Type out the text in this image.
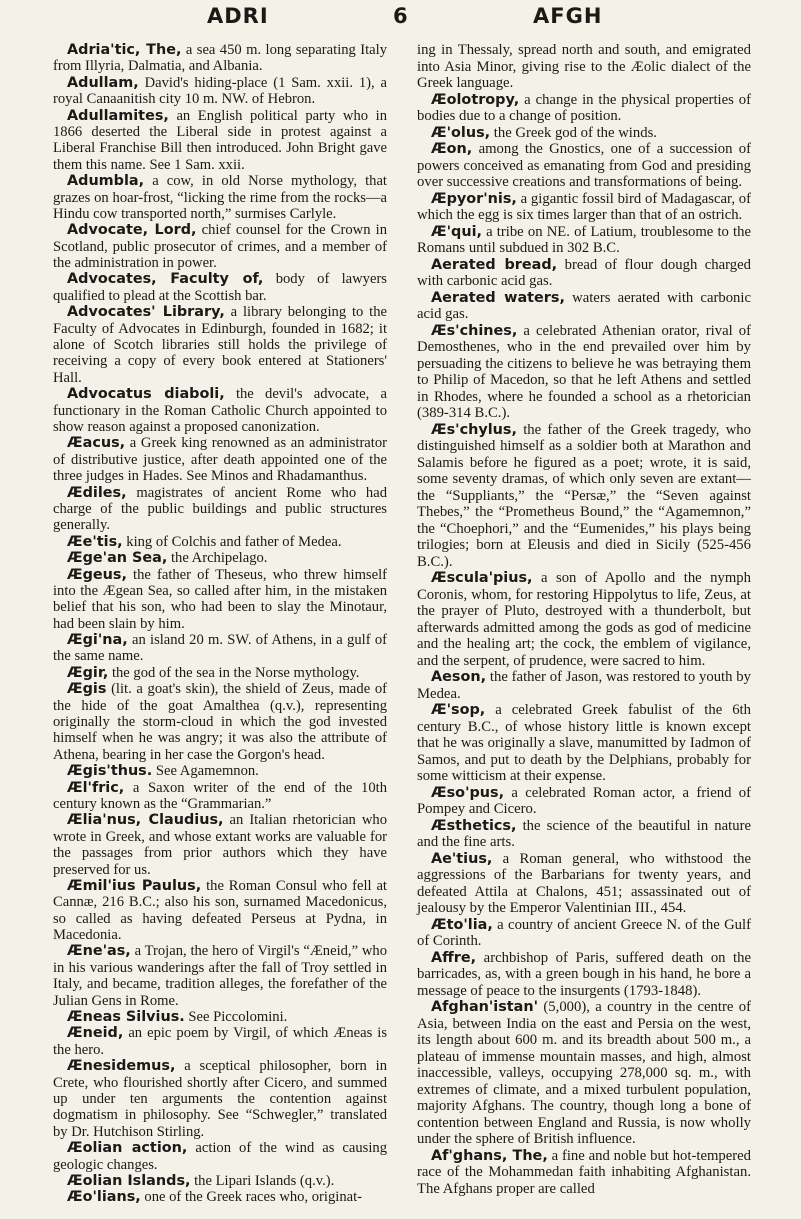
ADRI	6	AFGH

Adria'tic, The, a sea 450 m. long separating Italy from Illyria, Dalmatia, and Albania.

Adullam, David's hiding-place (1 Sam. xxii. 1), a royal Canaanitish city 10 m. NW. of Hebron.

Adullamites, an English political party who in 1866 deserted the Liberal side in protest against a Liberal Franchise Bill then introduced. John Bright gave them this name. See 1 Sam. xxii.

Adumbla, a cow, in old Norse mythology, that grazes on hoar-frost, “licking the rime from the rocks—a Hindu cow transported north,” surmises Carlyle.

Advocate, Lord, chief counsel for the Crown in Scotland, public prosecutor of crimes, and a member of the administration in power.

Advocates, Faculty of, body of lawyers qualified to plead at the Scottish bar.

Advocates' Library, a library belonging to the Faculty of Advocates in Edinburgh, founded in 1682; it alone of Scotch libraries still holds the privilege of receiving a copy of every book entered at Stationers' Hall.

Advocatus diaboli, the devil's advocate, a functionary in the Roman Catholic Church appointed to show reason against a proposed canonization.

Æacus, a Greek king renowned as an administrator of distributive justice, after death appointed one of the three judges in Hades. See Minos and Rhadamanthus.

Ædiles, magistrates of ancient Rome who had charge of the public buildings and public structures generally.

Æe'tis, king of Colchis and father of Medea.

Æge'an Sea, the Archipelago.

Ægeus, the father of Theseus, who threw himself into the Ægean Sea, so called after him, in the mistaken belief that his son, who had been to slay the Minotaur, had been slain by him.

Ægi'na, an island 20 m. SW. of Athens, in a gulf of the same name.

Ægir, the god of the sea in the Norse mythology.

Ægis (lit. a goat's skin), the shield of Zeus, made of the hide of the goat Amalthea (q.v.), representing originally the storm-cloud in which the god invested himself when he was angry; it was also the attribute of Athena, bearing in her case the Gorgon's head.

Ægis'thus. See Agamemnon.

Æl'fric, a Saxon writer of the end of the 10th century known as the “Grammarian.”

Ælia'nus, Claudius, an Italian rhetorician who wrote in Greek, and whose extant works are valuable for the passages from prior authors which they have preserved for us.

Æmil'ius Paulus, the Roman Consul who fell at Cannæ, 216 B.C.; also his son, surnamed Macedonicus, so called as having defeated Perseus at Pydna, in Macedonia.

Æne'as, a Trojan, the hero of Virgil's “Æneid,” who in his various wanderings after the fall of Troy settled in Italy, and became, tradition alleges, the forefather of the Julian Gens in Rome.

Æneas Silvius. See Piccolomini.

Æneid, an epic poem by Virgil, of which Æneas is the hero.

Ænesidemus, a sceptical philosopher, born in Crete, who flourished shortly after Cicero, and summed up under ten arguments the contention against dogmatism in philosophy. See “Schwegler,” translated by Dr. Hutchison Stirling.

Æolian action, action of the wind as causing geologic changes.

Æolian Islands, the Lipari Islands (q.v.).

Æo'lians, one of the Greek races who, originat-

ing in Thessaly, spread north and south, and emigrated into Asia Minor, giving rise to the Æolic dialect of the Greek language.

Æolotropy, a change in the physical properties of bodies due to a change of position.

Æ'olus, the Greek god of the winds.

Æon, among the Gnostics, one of a succession of powers conceived as emanating from God and presiding over successive creations and transformations of being.

Æpyor'nis, a gigantic fossil bird of Madagascar, of which the egg is six times larger than that of an ostrich.

Æ'qui, a tribe on NE. of Latium, troublesome to the Romans until subdued in 302 B.C.

Aerated bread, bread of flour dough charged with carbonic acid gas.

Aerated waters, waters aerated with carbonic acid gas.

Æs'chines, a celebrated Athenian orator, rival of Demosthenes, who in the end prevailed over him by persuading the citizens to believe he was betraying them to Philip of Macedon, so that he left Athens and settled in Rhodes, where he founded a school as a rhetorician (389-314 B.C.).

Æs'chylus, the father of the Greek tragedy, who distinguished himself as a soldier both at Marathon and Salamis before he figured as a poet; wrote, it is said, some seventy dramas, of which only seven are extant—the “Suppliants,” the “Persæ,” the “Seven against Thebes,” the “Prometheus Bound,” the “Agamemnon,” the “Choephori,” and the “Eumenides,” his plays being trilogies; born at Eleusis and died in Sicily (525-456 B.C.).

Æscula'pius, a son of Apollo and the nymph Coronis, whom, for restoring Hippolytus to life, Zeus, at the prayer of Pluto, destroyed with a thunderbolt, but afterwards admitted among the gods as god of medicine and the healing art; the cock, the emblem of vigilance, and the serpent, of prudence, were sacred to him.

Aeson, the father of Jason, was restored to youth by Medea.

Æ'sop, a celebrated Greek fabulist of the 6th century B.C., of whose history little is known except that he was originally a slave, manumitted by Iadmon of Samos, and put to death by the Delphians, probably for some witticism at their expense.

Æso'pus, a celebrated Roman actor, a friend of Pompey and Cicero.

Æsthetics, the science of the beautiful in nature and the fine arts.

Ae'tius, a Roman general, who withstood the aggressions of the Barbarians for twenty years, and defeated Attila at Chalons, 451; assassinated out of jealousy by the Emperor Valentinian III., 454.

Æto'lia, a country of ancient Greece N. of the Gulf of Corinth.

Affre, archbishop of Paris, suffered death on the barricades, as, with a green bough in his hand, he bore a message of peace to the insurgents (1793-1848).

Afghan'istan' (5,000), a country in the centre of Asia, between India on the east and Persia on the west, its length about 600 m. and its breadth about 500 m., a plateau of immense mountain masses, and high, almost inaccessible, valleys, occupying 278,000 sq. m., with extremes of climate, and a mixed turbulent population, majority Afghans. The country, though long a bone of contention between England and Russia, is now wholly under the sphere of British influence.

Af'ghans, The, a fine and noble but hot-tempered race of the Mohammedan faith inhabiting Afghanistan. The Afghans proper are called
